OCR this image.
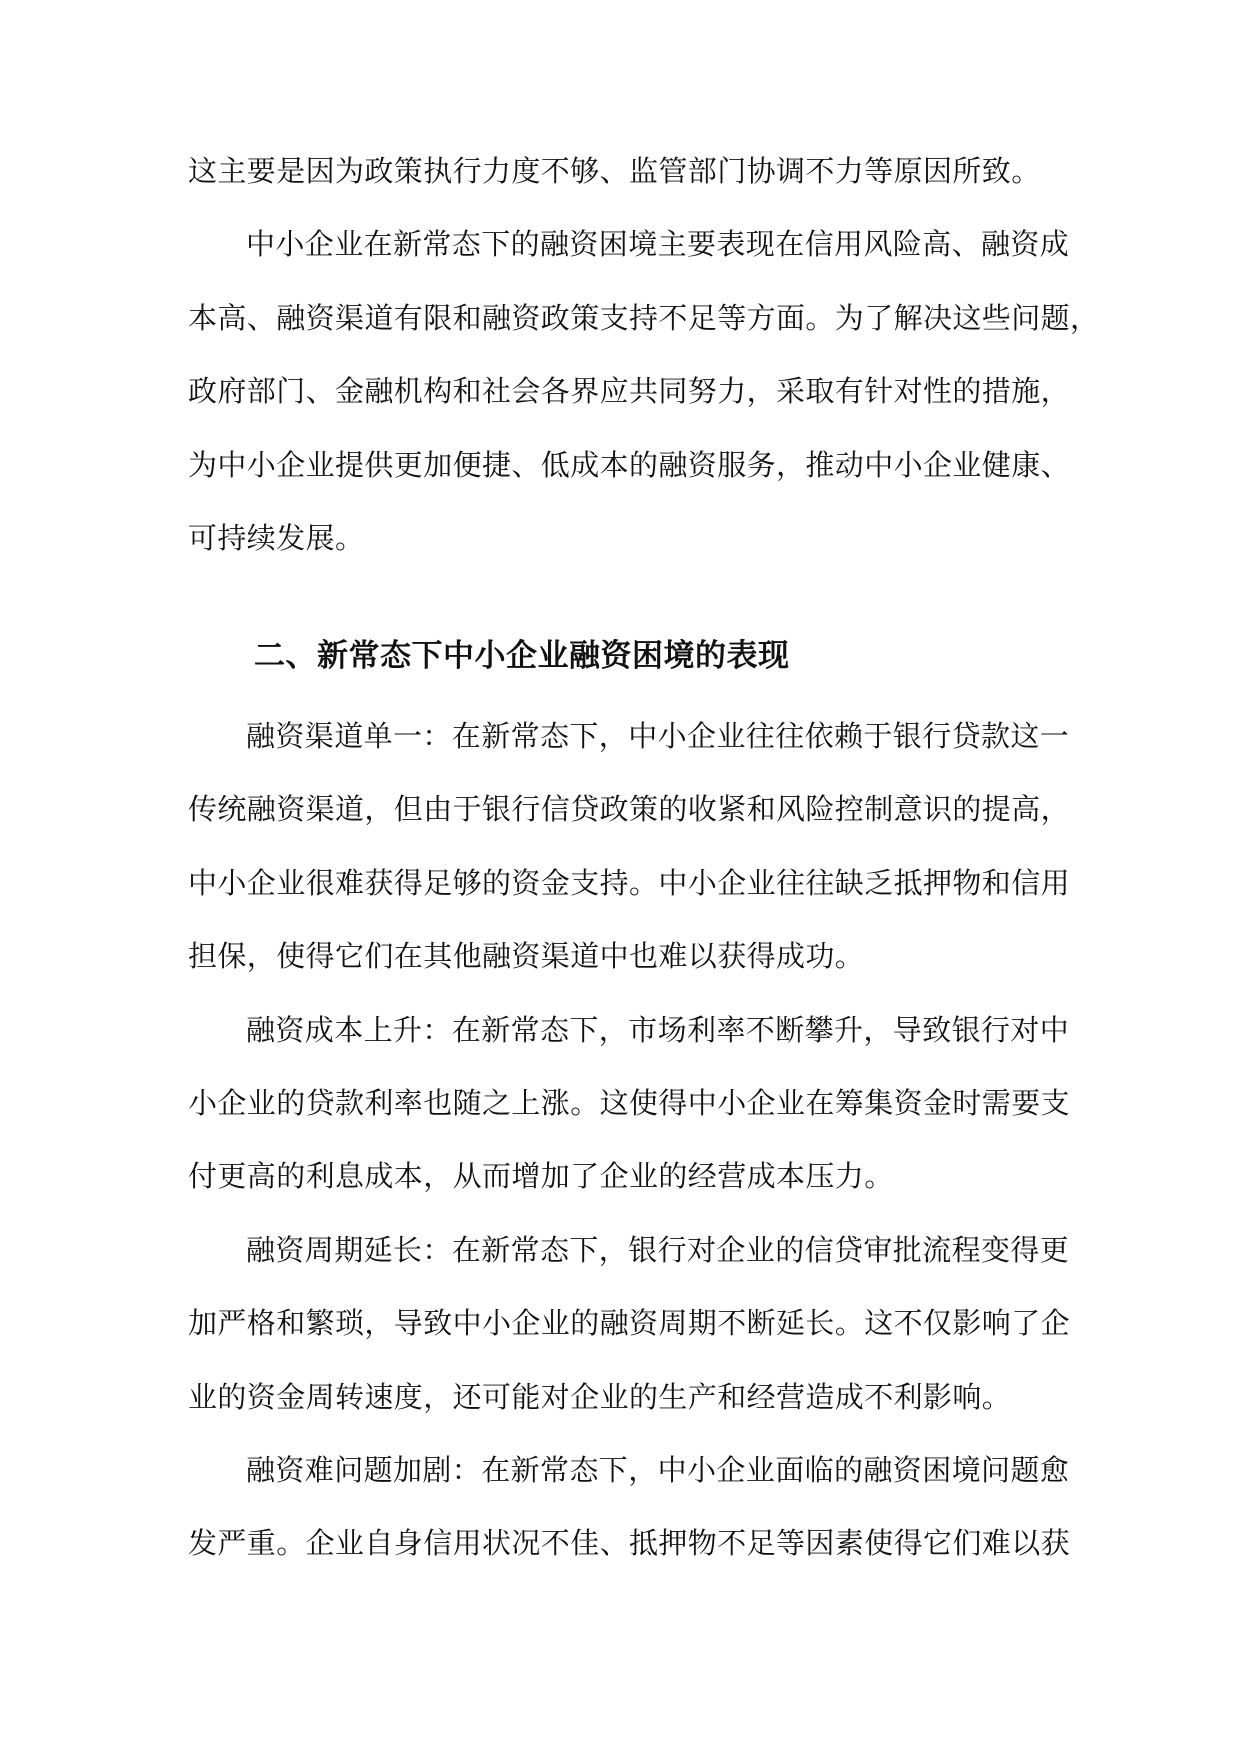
这主要是因为政策执行力度不够、监管部门协调不力等原因所致。
中小企业在新常态下的融资困境主要表现在信用风险高、融资成
本高、融资渠道有限和融资政策支持不足等方面。为了解决这些问题，
政府部门、金融机构和社会各界应共同努力，采取有针对性的措施，
为中小企业提供更加便捷、低成本的融资服务，推动中小企业健康、
可持续发展。
二、新常态下中小企业融资困境的表现
融资渠道单一：在新常态下，中小企业往往依赖于银行贷款这一
传统融资渠道，但由于银行信贷政策的收紧和风险控制意识的提高，
中小企业很难获得足够的资金支持。中小企业往往缺乏抵押物和信用
担保，使得它们在其他融资渠道中也难以获得成功。
融资成本上升：在新常态下，市场利率不断攀升，导致银行对中
小企业的贷款利率也随之上涨。这使得中小企业在筹集资金时需要支
付更高的利息成本，从而增加了企业的经营成本压力。
融资周期延长：在新常态下，银行对企业的信贷审批流程变得更
加严格和繁琐，导致中小企业的融资周期不断延长。这不仅影响了企
业的资金周转速度，还可能对企业的生产和经营造成不利影响。
融资难问题加剧：在新常态下，中小企业面临的融资困境问题愈
发严重。企业自身信用状况不佳、抵押物不足等因素使得它们难以获
